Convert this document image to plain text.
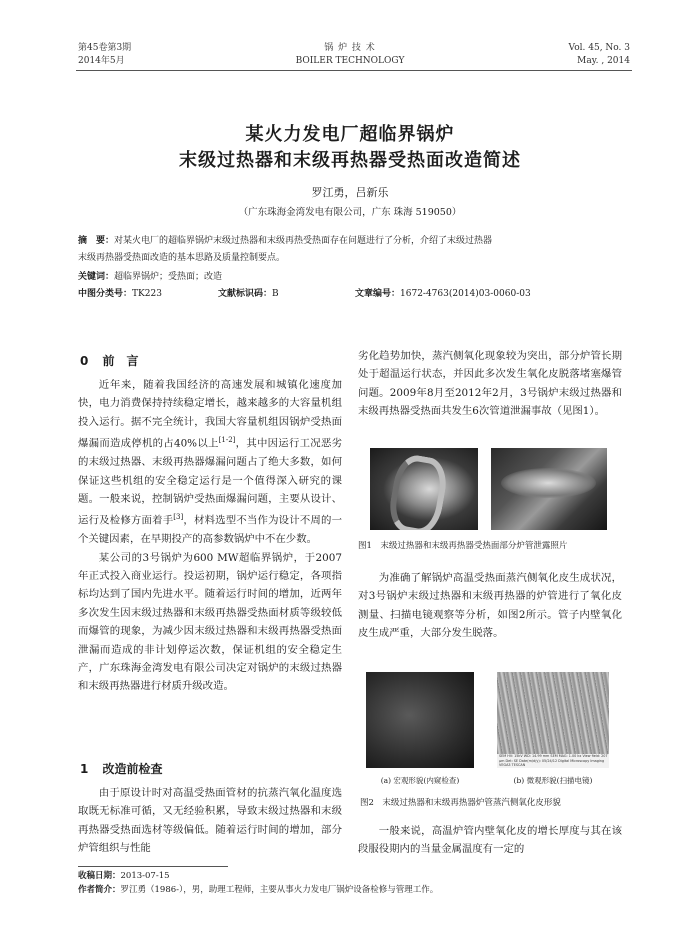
第45卷第3期
2014年5月
锅 炉 技 术
BOILER TECHNOLOGY
Vol. 45, No. 3
May. , 2014
某火力发电厂超临界锅炉
末级过热器和末级再热器受热面改造简述
罗江勇，吕新乐
（广东珠海金湾发电有限公司，广东 珠海 519050）
摘　要：对某火电厂的超临界锅炉末级过热器和末级再热受热面存在问题进行了分析，介绍了末级过热器
末级再热器受热面改造的基本思路及质量控制要点。
关键词：超临界锅炉；受热面；改造
中图分类号：TK223	文献标识码：B	文章编号：1672-4763(2014)03-0060-03
0 前　言

近年来，随着我国经济的高速发展和城镇化速度加快，电力消费保持持续稳定增长，越来越多的大容量机组投入运行。据不完全统计，我国大容量机组因锅炉受热面爆漏而造成停机的占40%以上[1-2]，其中因运行工况恶劣的末级过热器、末级再热器爆漏问题占了绝大多数，如何保证这些机组的安全稳定运行是一个值得深入研究的课题。一般来说，控制锅炉受热面爆漏问题，主要从设计、运行及检修方面着手[3]，材料选型不当作为设计不周的一个关键因素，在早期投产的高参数锅炉中不在少数。

某公司的3号锅炉为600 MW超临界锅炉，于2007年正式投入商业运行。投运初期，锅炉运行稳定，各项指标均达到了国内先进水平。随着运行时间的增加，近两年多次发生因末级过热器和末级再热器受热面材质等级较低而爆管的现象，为减少因末级过热器和末级再热器受热面泄漏而造成的非计划停运次数，保证机组的安全稳定生产，广东珠海金湾发电有限公司决定对锅炉的末级过热器和末级再热器进行材质升级改造。

1 改造前检查

由于原设计时对高温受热面管材的抗蒸汽氧化温度选取既无标准可循，又无经验积累，导致末级过热器和末级再热器受热面选材等级偏低。随着运行时间的增加，部分炉管组织与性能

劣化趋势加快，蒸汽侧氧化现象较为突出，部分炉管长期处于超温运行状态，并因此多次发生氧化皮脱落堵塞爆管问题。2009年8月至2012年2月，3号锅炉末级过热器和末级再热器受热面共发生6次管道泄漏事故（见图1）。

图1　末级过热器和末级再热器受热面部分炉管泄露照片

为准确了解锅炉高温受热面蒸汽侧氧化皮生成状况，对3号锅炉末级过热器和末级再热器的炉管进行了氧化皮测量、扫描电镜观察等分析，如图2所示。管子内壁氧化皮生成严重，大部分发生脱落。

SEM HV: 15kV WD: 14.99 mm SEM MAG: 1.00 kx View field: 207 μm Det: SE Date(m/d/y): 05/24/12 Digital Microscopy Imaging VEGA3 TESCAN
(a) 宏观形貌(内窥检查)	(b) 微观形貌(扫描电镜)
图2　末级过热器和末级再热器炉管蒸汽侧氧化皮形貌

一般来说，高温炉管内壁氧化皮的增长厚度与其在该段服役期内的当量金属温度有一定的

收稿日期：2013-07-15
作者简介：罗江勇（1986-），男，助理工程师，主要从事火力发电厂锅炉设备检修与管理工作。
